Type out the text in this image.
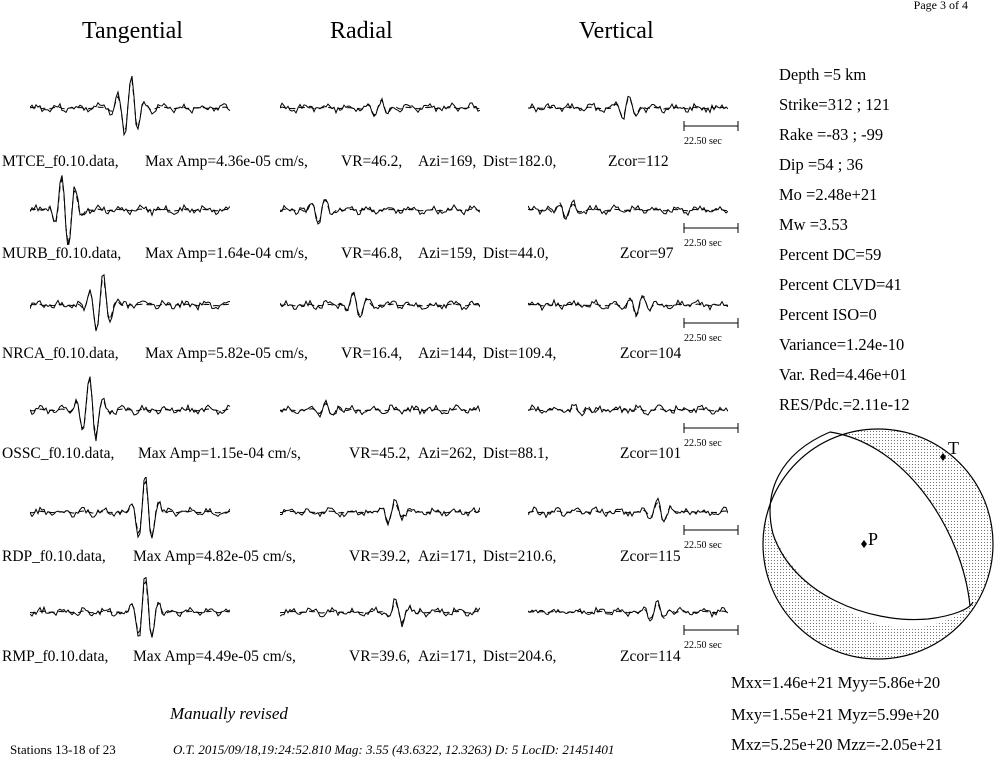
Page 3 of 4
Tangential	Radial	Vertical
22.50 sec
22.50 sec
22.50 sec
22.50 sec
22.50 sec
22.50 sec
MTCE_f0.10.data, Max Amp=4.36e-05 cm/s, VR=46.2, Azi=169, Dist=182.0,	Zcor=112
MURB_f0.10.data, Max Amp=1.64e-04 cm/s, VR=46.8, Azi=159, Dist=44.0,	Zcor=97
NRCA_f0.10.data, Max Amp=5.82e-05 cm/s, VR=16.4, Azi=144, Dist=109.4,	Zcor=104
OSSC_f0.10.data, Max Amp=1.15e-04 cm/s,	VR=45.2, Azi=262, Dist=88.1,	Zcor=101
RDP_f0.10.data, Max Amp=4.82e-05 cm/s,	VR=39.2, Azi=171, Dist=210.6,	Zcor=115
RMP_f0.10.data, Max Amp=4.49e-05 cm/s,	VR=39.6, Azi=171, Dist=204.6,	Zcor=114
Depth =5 km
Strike=312 ; 121
Rake =-83 ; -99
Dip =54 ; 36
Mo =2.48e+21
Mw =3.53
Percent DC=59
Percent CLVD=41
Percent ISO=0
Variance=1.24e-10
Var. Red=4.46e+01
RES/Pdc.=2.11e-12
T
P
Mxx=1.46e+21 Myy=5.86e+20
Mxy=1.55e+21 Myz=5.99e+20
Mxz=5.25e+20 Mzz=-2.05e+21
Manually revised
Stations 13-18 of 23	O.T. 2015/09/18,19:24:52.810 Mag: 3.55 (43.6322, 12.3263) D: 5 LocID: 21451401
